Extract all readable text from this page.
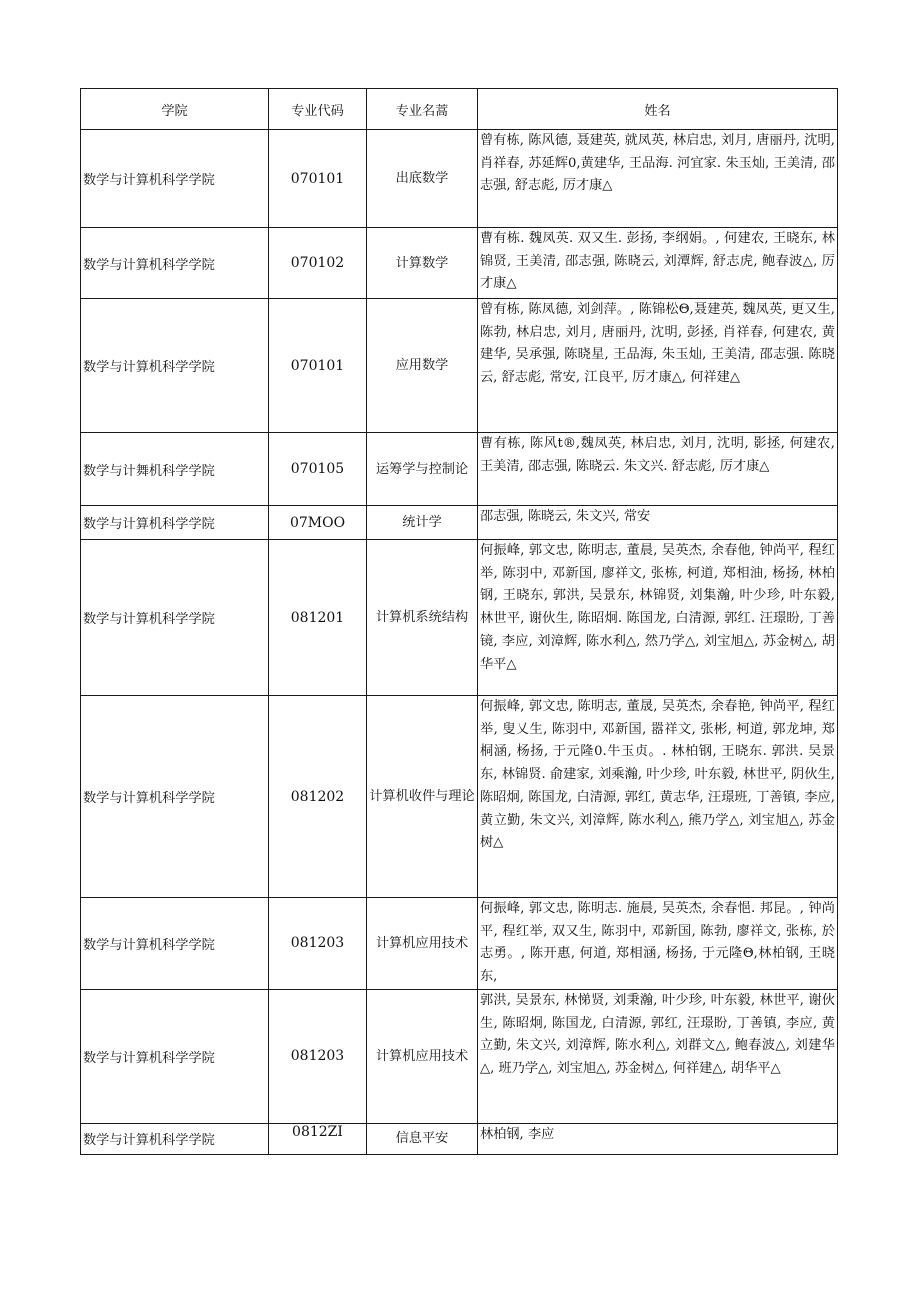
学院	专业代码	专业名蒿	姓名
数学与计算机科学学院	070101	出底数学	曾有栋, 陈风德, 聂建英, 就凤英, 林启忠, 刘月, 唐丽丹, 沈明, 肖祥春, 苏延辉0,黄建华, 王品海. 河宜家. 朱玉灿, 王美清, 邵志强, 舒志彪, 厉才康△
数学与计算机科学学院	070102	计算数学	曹有栋. 魏凤英. 双又生. 彭扬, 李纲娟。, 何建农, 王晓东, 林锦贤, 王美清, 邵志强, 陈晓云, 刘潭辉, 舒志虎, 鲍春波△, 厉才康△
数学与计算机科学学院	070101	应用数学	曾有栋, 陈凤德, 刘剑萍。, 陈锦松Θ,聂建英, 魏凤英, 更又生, 陈勃, 林启忠, 刘月, 唐丽丹, 沈明, 彭拯, 肖祥春, 何建农, 黄建华, 吴承强, 陈晓星, 王品海, 朱玉灿, 王美清, 邵志强. 陈晓云, 舒志彪, 常安, 江良平, 厉才康△, 何祥建△
数学与计舞机科学学院	070105	运筹学与控制论	曹有栋, 陈风t®,魏凤英, 林启忠, 刘月, 沈明, 影拯, 何建农, 王美清, 邵志强, 陈晓云. 朱文兴. 舒志彪, 厉才康△
数学与计算机科学学院	07MOO	统计学	邵志强, 陈晓云, 朱文兴, 常安
数学与计算机科学学院	081201	计算机系统结构	何振峰, 郭文忠, 陈明志, 董晨, 吴英杰, 余春他, 钟尚平, 程红举, 陈羽中, 邓新国, 廖祥文, 张栋, 柯道, 郑相油, 杨扬, 林柏钢, 王晓东, 郭洪, 吴景东, 林锦贤, 刘集瀚, 叶少珍, 叶东毅, 林世平, 谢伙生, 陈昭炯. 陈国龙, 白清源, 郭红. 汪璟盼, 丁善镜, 李应, 刘漳辉, 陈水利△, 然乃学△, 刘宝旭△, 苏金树△, 胡华平△
数学与计算机科学学院	081202	计算机收件与理论	何振峰, 郭文忠, 陈明志, 董晟, 吴英杰, 余春艳, 钟尚平, 程红举, 叟乂生, 陈羽中, 邓新国, 嚣祥文, 张彬, 柯道, 郭龙坤, 郑桐涵, 杨扬, 于元隆0.牛玉贞。. 林柏钢, 王晓东. 郭洪. 吴景东, 林锦贤. 俞建家, 刘乘瀚, 叶少珍, 叶东毅, 林世平, 阴伙生, 陈昭炯, 陈国龙, 白清源, 郭红, 黄志华, 汪璟班, 丁善镇, 李应, 黄立勤, 朱文兴, 刘漳辉, 陈水利△, 熊乃学△, 刘宝旭△, 苏金树△
数学与计算机科学学院	081203	计算机应用技术	何振峰, 郭文忠, 陈明志. 施晨, 吴英杰, 余春悒. 邦昆。, 钟尚平, 程红举, 双又生, 陈羽中, 邓新国, 陈勃, 廖祥文, 张栋, 於志勇。, 陈开惠, 何道, 郑相涵, 杨扬, 于元隆Θ,林柏钢, 王晓东,
数学与计算机科学学院	081203	计算机应用技术	郭洪, 吴景东, 林悌贤, 刘秉瀚, 叶少珍, 叶东毅, 林世平, 谢伙生, 陈昭炯, 陈国龙, 白清源, 郭红, 汪璟盼, 丁善镇, 李应, 黄立勤, 朱文兴, 刘漳辉, 陈水利△, 刘群文△, 鲍春波△, 刘建华△, 班乃学△, 刘宝旭△, 苏金树△, 何祥建△, 胡华平△
数学与计算机科学学院	0812ZI	信息平安	林柏钢, 李应
